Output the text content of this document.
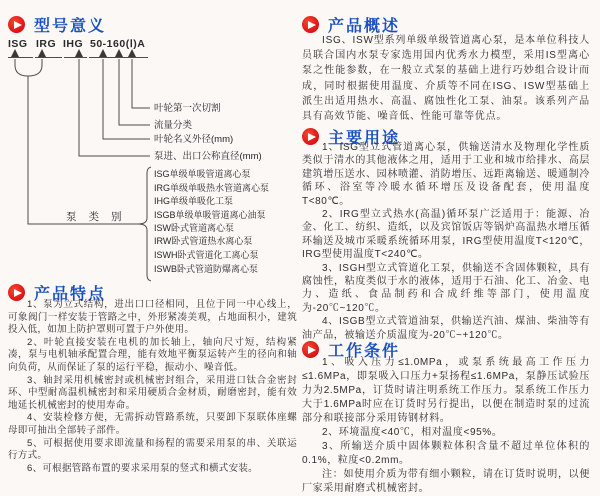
型号意义
ISG IRG IHG 50-160(Ⅰ)A
叶轮第一次切割
流量分类
叶轮名义外径(mm)
泵进、出口公称直径(mm)
泵类别
ISG单级单吸管道离心泵
IRG单级单吸热水管道离心泵
IHG单级单吸化工泵
ISGB单级单吸管道离心油泵
ISW卧式管道离心泵
IRW卧式管道热水离心泵
ISWH卧式管道化工离心泵
ISWB卧式管道防爆离心泵
产品特点

1、泵为立式结构，进出口口径相同，且位于同一中心线上，可象阀门一样安装于管路之中，外形紧凑美观，占地面积小，建筑投入低，如加上防护罩则可置于户外使用。

2、叶轮直接安装在电机的加长轴上，轴向尺寸短，结构紧凑，泵与电机轴承配置合理，能有效地平衡泵运转产生的径向和轴向负荷，从而保证了泵的运行平稳，振动小、噪音低。

3、轴封采用机械密封或机械密封组合，采用进口钛合金密封环、中型耐高温机械密封和采用硬质合金材质，耐磨密封，能有效地延长机械密封的使用寿命。

4、安装检修方便，无需拆动管路系统，只要卸下泵联体座螺母即可抽出全部转子部件。

5、可根据使用要求即流量和扬程的需要采用泵的串、关联运行方式。

6、可根据管路布置的要求采用泵的竖式和横式安装。

产品概述

ISG、ISW型系列单级单级管道离心泵，是本单位科技人员联合国内水泵专家选用国内优秀水力模型，采用IS型离心泵之性能参数，在一般立式泵的基础上进行巧妙组合设计而成，同时根据使用温度、介质等不同在ISG、ISW型基础上派生出适用热水、高温、腐蚀性化工泵、油泵。该系列产品具有高效节能、噪音低、性能可靠等优点。

主要用途

1、ISG型立式管道离心泵，供输送清水及物理化学性质类似于清水的其他液体之用，适用于工业和城市给排水、高层建筑增压送水、园林喷灌、消防增压、远距离输送、暖通制冷循环、浴室等冷暖水循环增压及设备配套，使用温度T<80℃。

2、IRG型立式热水(高温)循环泵广泛适用于：能源、冶金、化工、纺织、造纸，以及宾馆饭店等锅炉高温热水增压循环输送及城市采暖系统循环用泵，IRG型使用温度T<120℃，IRG型使用温度T<240℃。

3、ISGH型立式管道化工泵，供输送不含固体颗粒，具有腐蚀性，粘度类似于水的液体，适用于石油、化工、冶金、电力、造纸、食品制药和合成纤维等部门，使用温度为-20℃~120℃。

4、ISGB型立式管道油泵，供输送汽油、煤油、柴油等有油产品，被输送介质温度为-20℃~+120℃。

工作条件

1、吸入压力≤1.0MPa，或泵系统最高工作压力≤1.6MPa，即泵吸入口压力+泵扬程≤1.6MPa，泵静压试验压力为2.5MPa，订货时请注明系统工作压力。泵系统工作压力大于1.6MPa时应在订货时另行提出，以便在制造时泵的过流部分和联接部分采用铸钢材料。

2、环境温度<40℃，相对温度<95%。

3、所输送介质中固体颗粒体积含量不超过单位体积的0.1%，粒度<0.2mm。

注：如使用介质为带有细小颗粒，请在订货时说明，以便厂家采用耐磨式机械密封。
